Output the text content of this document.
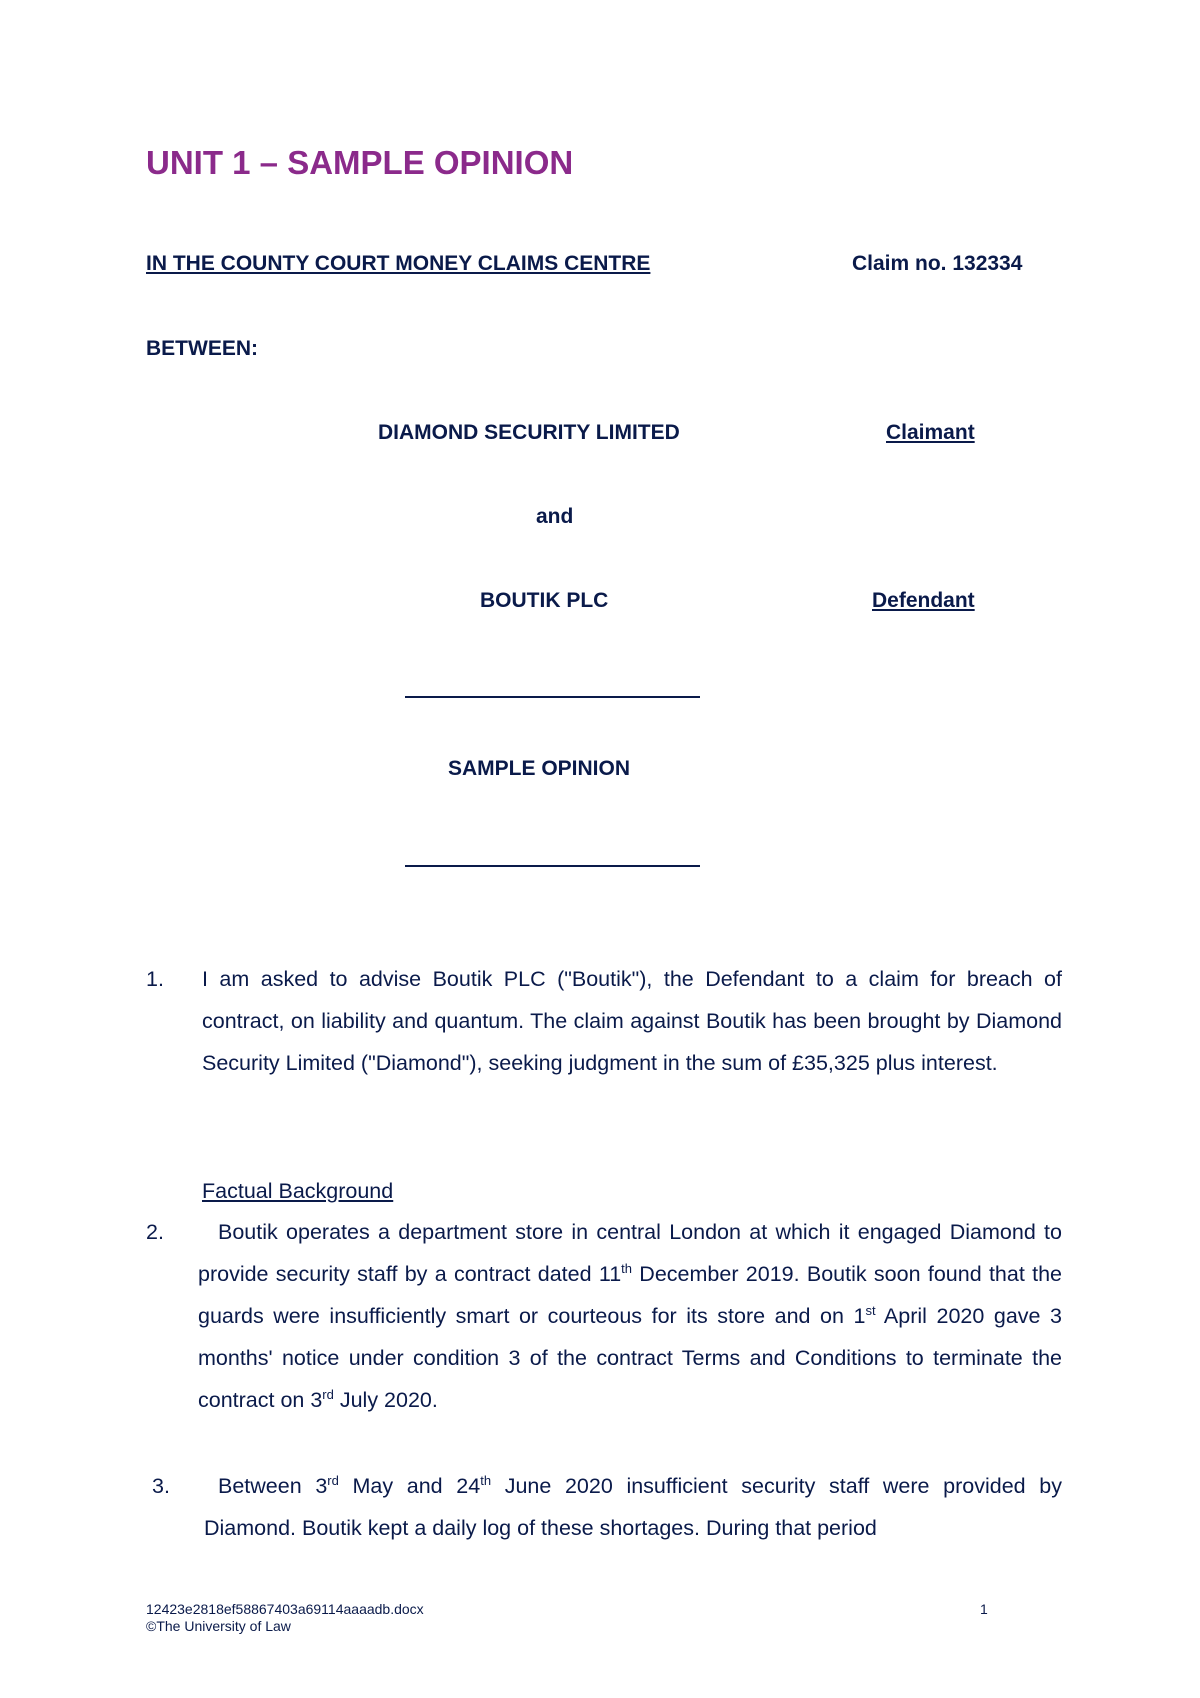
UNIT 1 – SAMPLE OPINION
IN THE COUNTY COURT MONEY CLAIMS CENTRE	Claim no. 132334
BETWEEN:
DIAMOND SECURITY LIMITED	Claimant
and
BOUTIK PLC	Defendant
SAMPLE OPINION
1. I am asked to advise Boutik PLC ("Boutik"), the Defendant to a claim for breach of contract, on liability and quantum. The claim against Boutik has been brought by Diamond Security Limited ("Diamond"), seeking judgment in the sum of £35,325 plus interest.
Factual Background
2.	Boutik operates a department store in central London at which it engaged Diamond to provide security staff by a contract dated 11th December 2019. Boutik soon found that the guards were insufficiently smart or courteous for its store and on 1st April 2020 gave 3 months' notice under condition 3 of the contract Terms and Conditions to terminate the contract on 3rd July 2020.
3.	Between 3rd May and 24th June 2020 insufficient security staff were provided by Diamond. Boutik kept a daily log of these shortages. During that period
12423e2818ef58867403a69114aaaadb.docx
©The University of Law
1
